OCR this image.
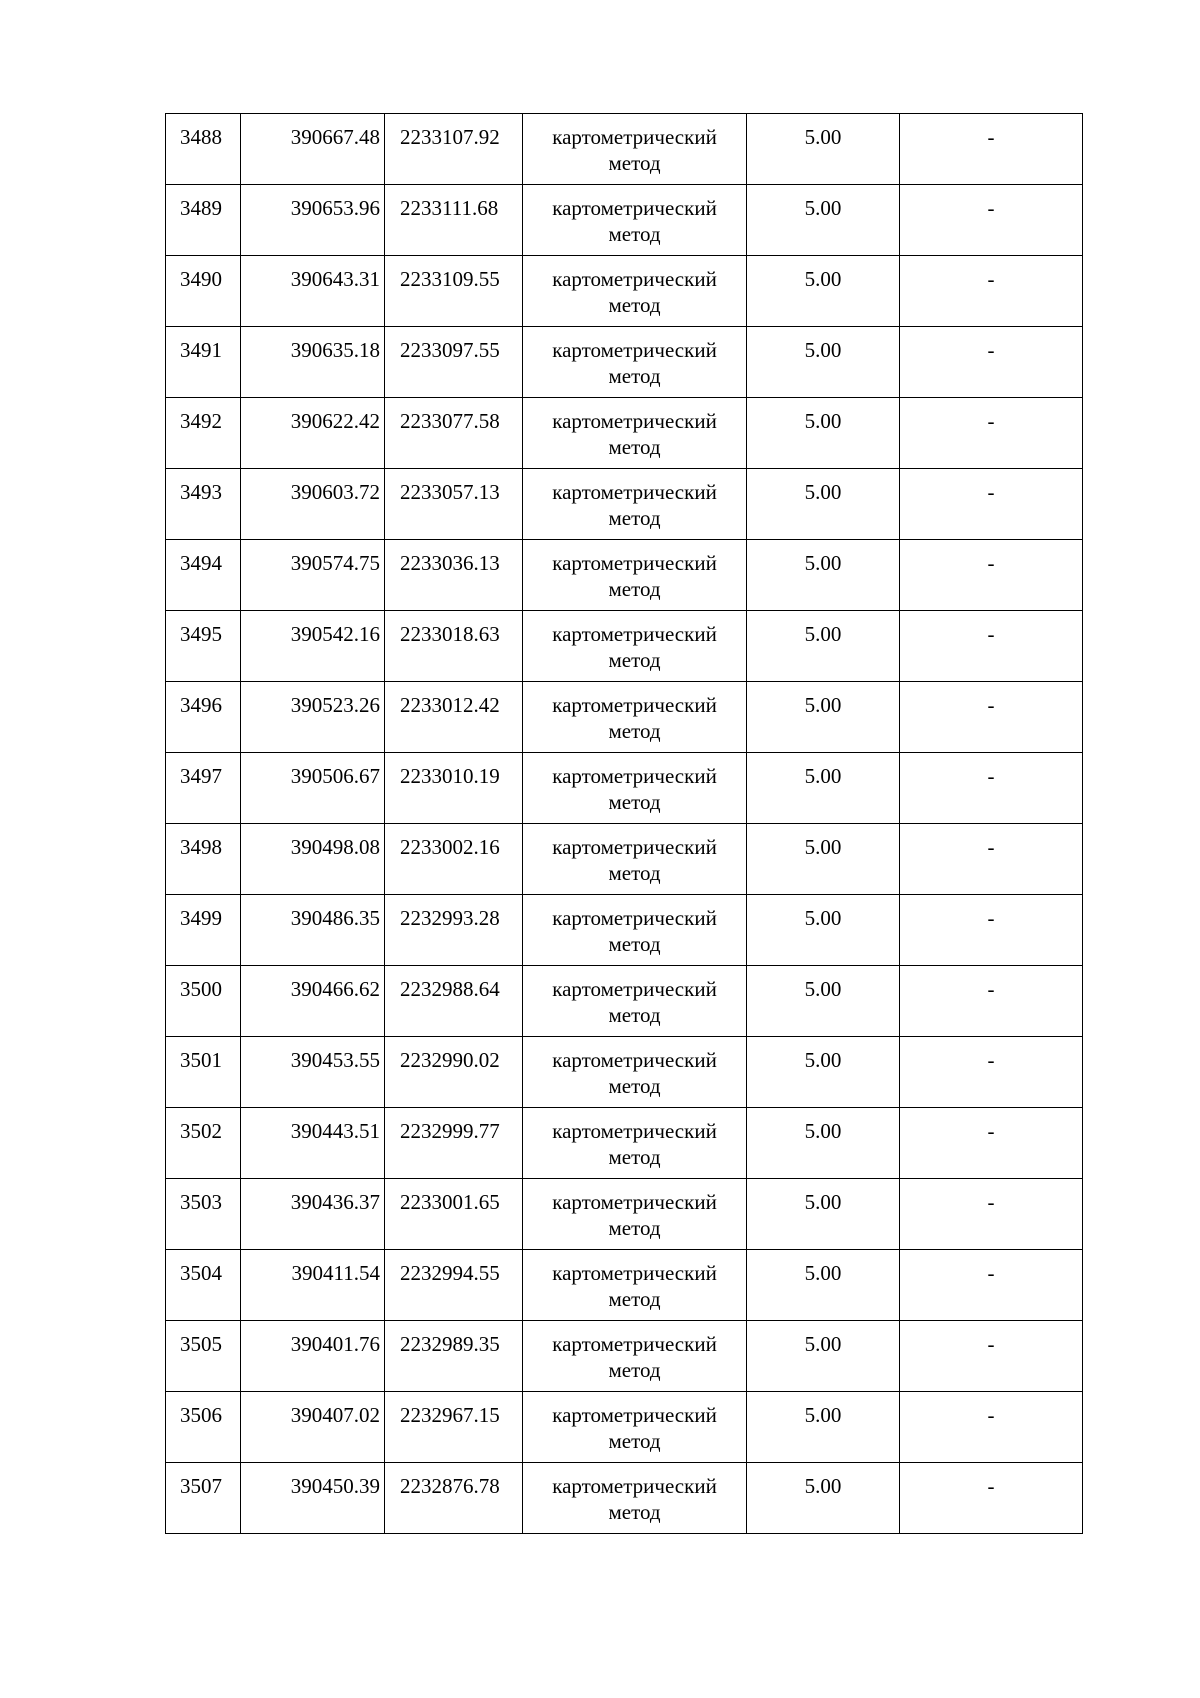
3488	390667.48	2233107.92	картометрический метод	5.00	-
3489	390653.96	2233111.68	картометрический метод	5.00	-
3490	390643.31	2233109.55	картометрический метод	5.00	-
3491	390635.18	2233097.55	картометрический метод	5.00	-
3492	390622.42	2233077.58	картометрический метод	5.00	-
3493	390603.72	2233057.13	картометрический метод	5.00	-
3494	390574.75	2233036.13	картометрический метод	5.00	-
3495	390542.16	2233018.63	картометрический метод	5.00	-
3496	390523.26	2233012.42	картометрический метод	5.00	-
3497	390506.67	2233010.19	картометрический метод	5.00	-
3498	390498.08	2233002.16	картометрический метод	5.00	-
3499	390486.35	2232993.28	картометрический метод	5.00	-
3500	390466.62	2232988.64	картометрический метод	5.00	-
3501	390453.55	2232990.02	картометрический метод	5.00	-
3502	390443.51	2232999.77	картометрический метод	5.00	-
3503	390436.37	2233001.65	картометрический метод	5.00	-
3504	390411.54	2232994.55	картометрический метод	5.00	-
3505	390401.76	2232989.35	картометрический метод	5.00	-
3506	390407.02	2232967.15	картометрический метод	5.00	-
3507	390450.39	2232876.78	картометрический метод	5.00	-
